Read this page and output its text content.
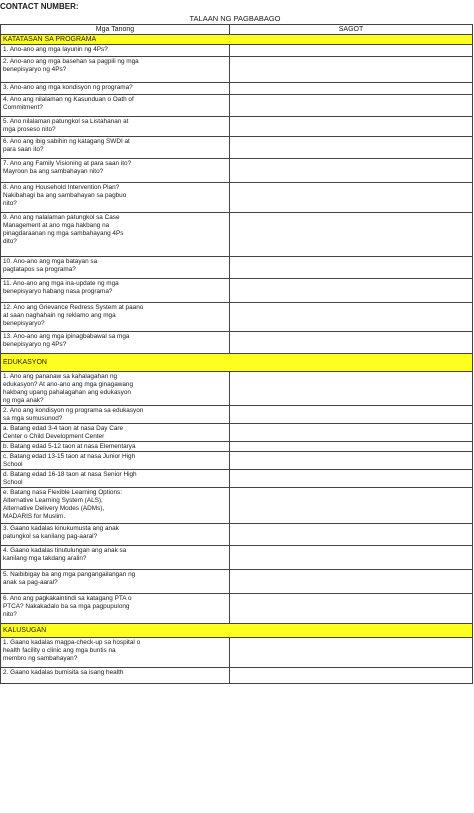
CONTACT NUMBER:
TALAAN NG PAGBABAGO
Mga Tanong	SAGOT
KATATASAN SA PROGRAMA	
1. Ano-ano ang mga layunin ng 4Ps?	
2. Ano-ano ang mga basehan sa pagpili ng mga
benepisyaryo ng 4Ps?	
3. Ano-ano ang mga kondisyon ng programa?	
4. Ano ang nilalaman ng Kasunduan o Oath of
Commitment?	
5. Ano nilalaman patungkol sa Listahanan at
mga proseso nito?	
6. Ano ang ibig sabihin ng katagang SWDI at
para saan ito?	
7. Ano ang Family Visioning at para saan ito?
Mayroon ba ang sambahayan nito?	
8. Ano ang Household Intervention Plan?
Nakibahagi ba ang sambahayan sa pagbuo
nito?	
9. Ano ang nalalaman patungkol sa Case
Management at ano mga hakbang na
pinagdaraanan ng mga sambahayang 4Ps
dito?	
10. Ano-ano ang mga batayan sa
pagtatapos sa programa?	
11. Ano-ano ang mga ina-update ng mga
benepisyaryo habang nasa programa?	
12. Ano ang Grievance Redress System at paano
at saan naghahain ng reklamo ang mga
benepisyaryo?	
13. Ano-ano ang mga ipinagbabawal sa mga
benepisyaryo ng 4Ps?	
EDUKASYON	
1. Ano ang pananaw sa kahalagahan ng
edukasyon? At ano-ano ang mga ginagawang
hakbang upang pahalagahan ang edukasyon
ng mga anak?	
2. Ano ang kondisyon ng programa sa edukasyon
sa mga sumusunod?	
a. Batang edad 3-4 taon at nasa Day Care
Center o Child Development Center	
b. Batang edad 5-12 taon at nasa Elementarya	
c. Batang edad 13-15 taon at nasa Junior High
School	
d. Batang edad 16-18 taon at nasa Senior High
School	
e. Batang nasa Flexible Learning Options:
Alternative Learning System (ALS),
Alternative Delivery Modes (ADMs),
MADARIS for Muslim.	
3. Gaano kadalas kinukumusta ang anak
patungkol sa kanilang pag-aaral?	
4. Gaano kadalas tinutulungan ang anak sa
kanilang mga takdang aralin?	
5. Naibibigay ba ang mga pangangailangan ng
anak sa pag-aaral?	
6. Ano ang pagkakaintindi sa katagang PTA o
PTCA? Nakakadalo ba sa mga pagpupulong
nito?	
KALUSUGAN	
1. Gaano kadalas magpa-check-up sa hospital o
health facility o clinic ang mga buntis na
membro ng sambahayan?	
2. Gaano kadalas bumisita sa isang health	
